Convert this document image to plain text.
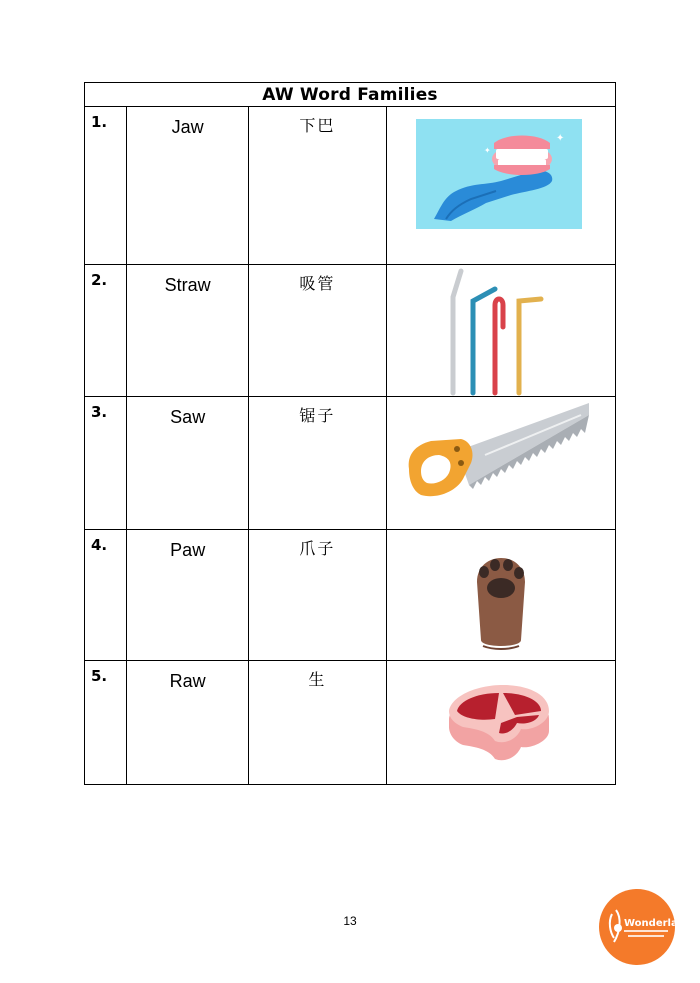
AW Word Families			

1.	Jaw	下巴	✦
✦

2.	Straw	吸管

3.	Saw	锯子

4.	Paw	爪子

5.	Raw	生

13	Wonderland
